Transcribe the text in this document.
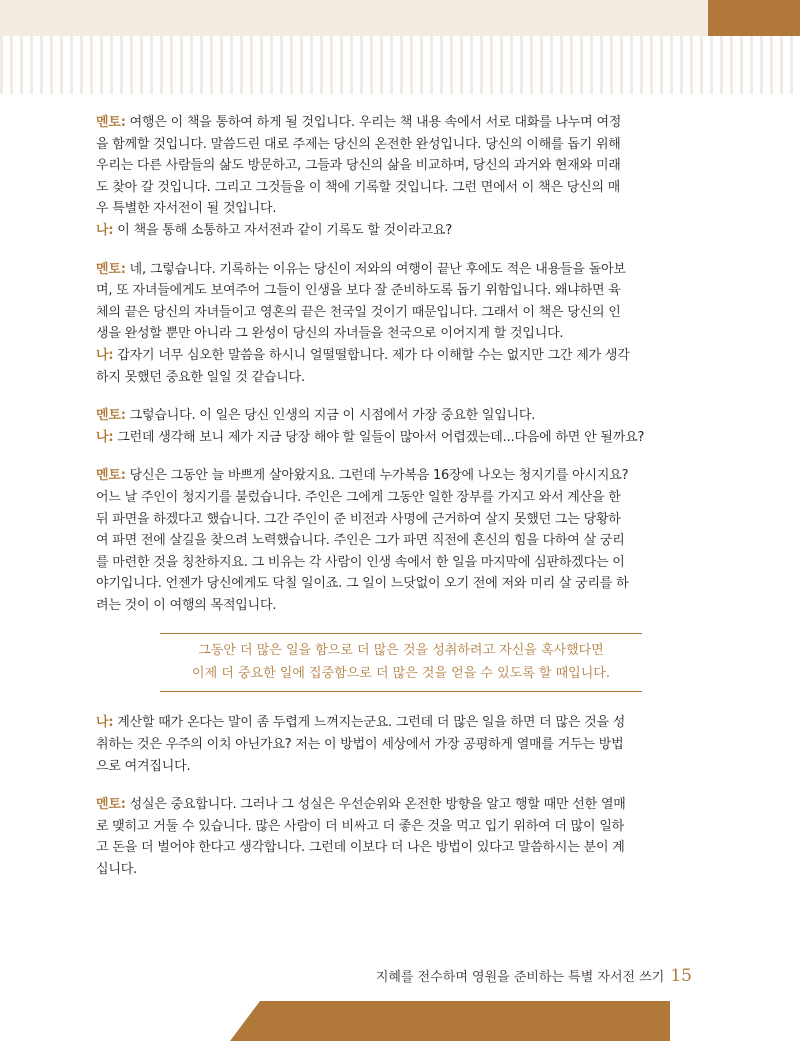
멘토: 여행은 이 책을 통하여 하게 될 것입니다. 우리는 책 내용 속에서 서로 대화를 나누며 여정
을 함께할 것입니다. 말씀드린 대로 주제는 당신의 온전한 완성입니다. 당신의 이해를 돕기 위해
우리는 다른 사람들의 삶도 방문하고, 그들과 당신의 삶을 비교하며, 당신의 과거와 현재와 미래
도 찾아 갈 것입니다. 그리고 그것들을 이 책에 기록할 것입니다. 그런 면에서 이 책은 당신의 매
우 특별한 자서전이 될 것입니다.
나: 이 책을 통해 소통하고 자서전과 같이 기록도 할 것이라고요?
멘토: 네, 그렇습니다. 기록하는 이유는 당신이 저와의 여행이 끝난 후에도 적은 내용들을 돌아보
며, 또 자녀들에게도 보여주어 그들이 인생을 보다 잘 준비하도록 돕기 위함입니다. 왜냐하면 육
체의 끝은 당신의 자녀들이고 영혼의 끝은 천국일 것이기 때문입니다. 그래서 이 책은 당신의 인
생을 완성할 뿐만 아니라 그 완성이 당신의 자녀들을 천국으로 이어지게 할 것입니다.
나: 갑자기 너무 심오한 말씀을 하시니 얼떨떨합니다. 제가 다 이해할 수는 없지만 그간 제가 생각
하지 못했던 중요한 일일 것 같습니다.
멘토: 그렇습니다. 이 일은 당신 인생의 지금 이 시점에서 가장 중요한 일입니다.
나: 그런데 생각해 보니 제가 지금 당장 해야 할 일들이 많아서 어렵겠는데...다음에 하면 안 될까요?
멘토: 당신은 그동안 늘 바쁘게 살아왔지요. 그런데 누가복음 16장에 나오는 청지기를 아시지요?
어느 날 주인이 청지기를 불렀습니다. 주인은 그에게 그동안 일한 장부를 가지고 와서 계산을 한
뒤 파면을 하겠다고 했습니다. 그간 주인이 준 비전과 사명에 근거하여 살지 못했던 그는 당황하
여 파면 전에 살길을 찾으려 노력했습니다. 주인은 그가 파면 직전에 혼신의 힘을 다하여 살 궁리
를 마련한 것을 칭찬하지요. 그 비유는 각 사람이 인생 속에서 한 일을 마지막에 심판하겠다는 이
야기입니다. 언젠가 당신에게도 닥칠 일이죠. 그 일이 느닷없이 오기 전에 저와 미리 살 궁리를 하
려는 것이 이 여행의 목적입니다.
그동안 더 많은 일을 함으로 더 많은 것을 성취하려고 자신을 혹사했다면
이제 더 중요한 일에 집중함으로 더 많은 것을 얻을 수 있도록 할 때입니다.
나: 계산할 때가 온다는 말이 좀 두렵게 느껴지는군요. 그런데 더 많은 일을 하면 더 많은 것을 성
취하는 것은 우주의 이치 아닌가요? 저는 이 방법이 세상에서 가장 공평하게 열매를 거두는 방법
으로 여겨집니다.
멘토: 성실은 중요합니다. 그러나 그 성실은 우선순위와 온전한 방향을 알고 행할 때만 선한 열매
로 맺히고 거둘 수 있습니다. 많은 사람이 더 비싸고 더 좋은 것을 먹고 입기 위하여 더 많이 일하
고 돈을 더 벌어야 한다고 생각합니다. 그런데 이보다 더 나은 방법이 있다고 말씀하시는 분이 계
십니다.
지혜를 전수하며 영원을 준비하는 특별 자서전 쓰기 15
